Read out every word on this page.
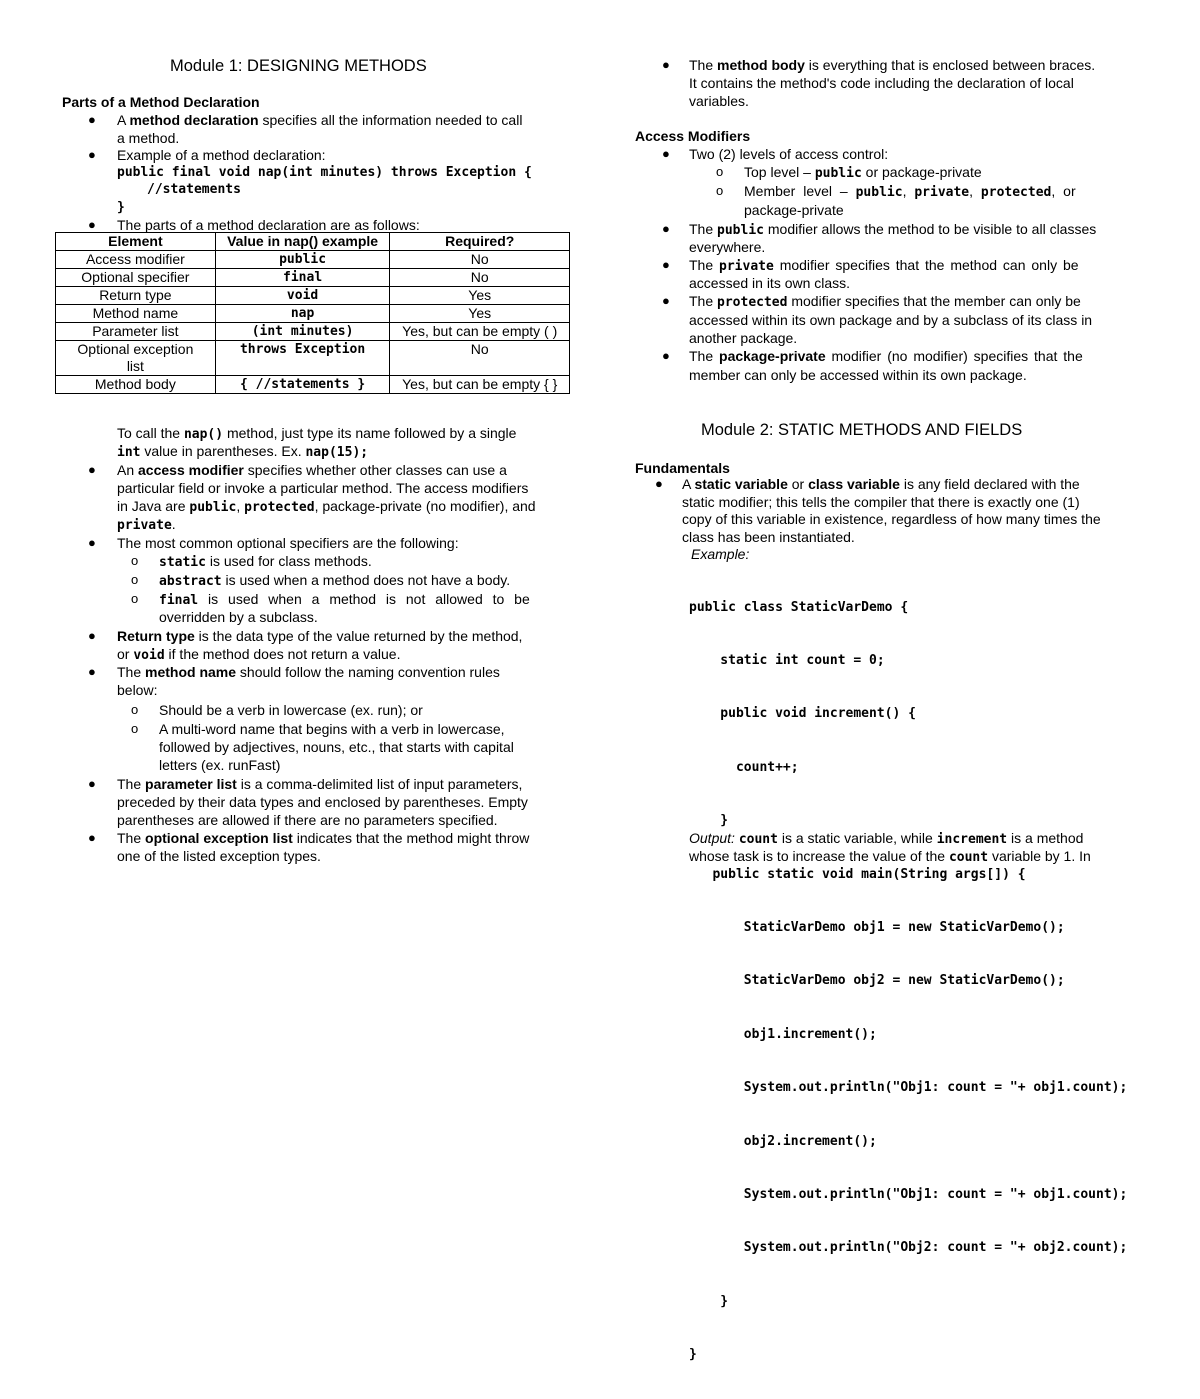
Module 1: DESIGNING METHODS
Parts of a Method Declaration
● A method declaration specifies all the information needed to call
a method.
● Example of a method declaration:
public final void nap(int minutes) throws Exception {
//statements
}
● The parts of a method declaration are as follows:
Element	Value in nap() example	Required?
Access modifier	public	No
Optional specifier	final	No
Return type	void	Yes
Method name	nap	Yes
Parameter list	(int minutes)	Yes, but can be empty ( )
Optional exception list	throws Exception	No
Method body	{ //statements }	Yes, but can be empty { }
To call the nap() method, just type its name followed by a single
int value in parentheses. Ex. nap(15);
● An access modifier specifies whether other classes can use a
particular field or invoke a particular method. The access modifiers
in Java are public, protected, package-private (no modifier), and
private.
● The most common optional specifiers are the following:
o static is used for class methods.
o abstract is used when a method does not have a body.
o final is used when a method is not allowed to be
overridden by a subclass.
● Return type is the data type of the value returned by the method,
or void if the method does not return a value.
● The method name should follow the naming convention rules
below:
o Should be a verb in lowercase (ex. run); or
o A multi-word name that begins with a verb in lowercase,
followed by adjectives, nouns, etc., that starts with capital
letters (ex. runFast)
● The parameter list is a comma-delimited list of input parameters,
preceded by their data types and enclosed by parentheses. Empty
parentheses are allowed if there are no parameters specified.
● The optional exception list indicates that the method might throw
one of the listed exception types.
● The method body is everything that is enclosed between braces.
It contains the method's code including the declaration of local
variables.
Access Modifiers
● Two (2) levels of access control:
o Top level – public or package-private
o Member level – public, private, protected, or
package-private
● The public modifier allows the method to be visible to all classes
everywhere.
● The private modifier specifies that the method can only be
accessed in its own class.
● The protected modifier specifies that the member can only be
accessed within its own package and by a subclass of its class in
another package.
● The package-private modifier (no modifier) specifies that the
member can only be accessed within its own package.
Module 2: STATIC METHODS AND FIELDS
Fundamentals
● A static variable or class variable is any field declared with the
static modifier; this tells the compiler that there is exactly one (1)
copy of this variable in existence, regardless of how many times the
class has been instantiated.
Example:

public class StaticVarDemo {

static int count = 0;

public void increment() {

count++;

}

public static void main(String args[]) {

StaticVarDemo obj1 = new StaticVarDemo();

StaticVarDemo obj2 = new StaticVarDemo();

obj1.increment();

System.out.println("Obj1: count = "+ obj1.count);

obj2.increment();

System.out.println("Obj1: count = "+ obj1.count);

System.out.println("Obj2: count = "+ obj2.count);

}

}

Output: count is a static variable, while increment is a method
whose task is to increase the value of the count variable by 1. In
